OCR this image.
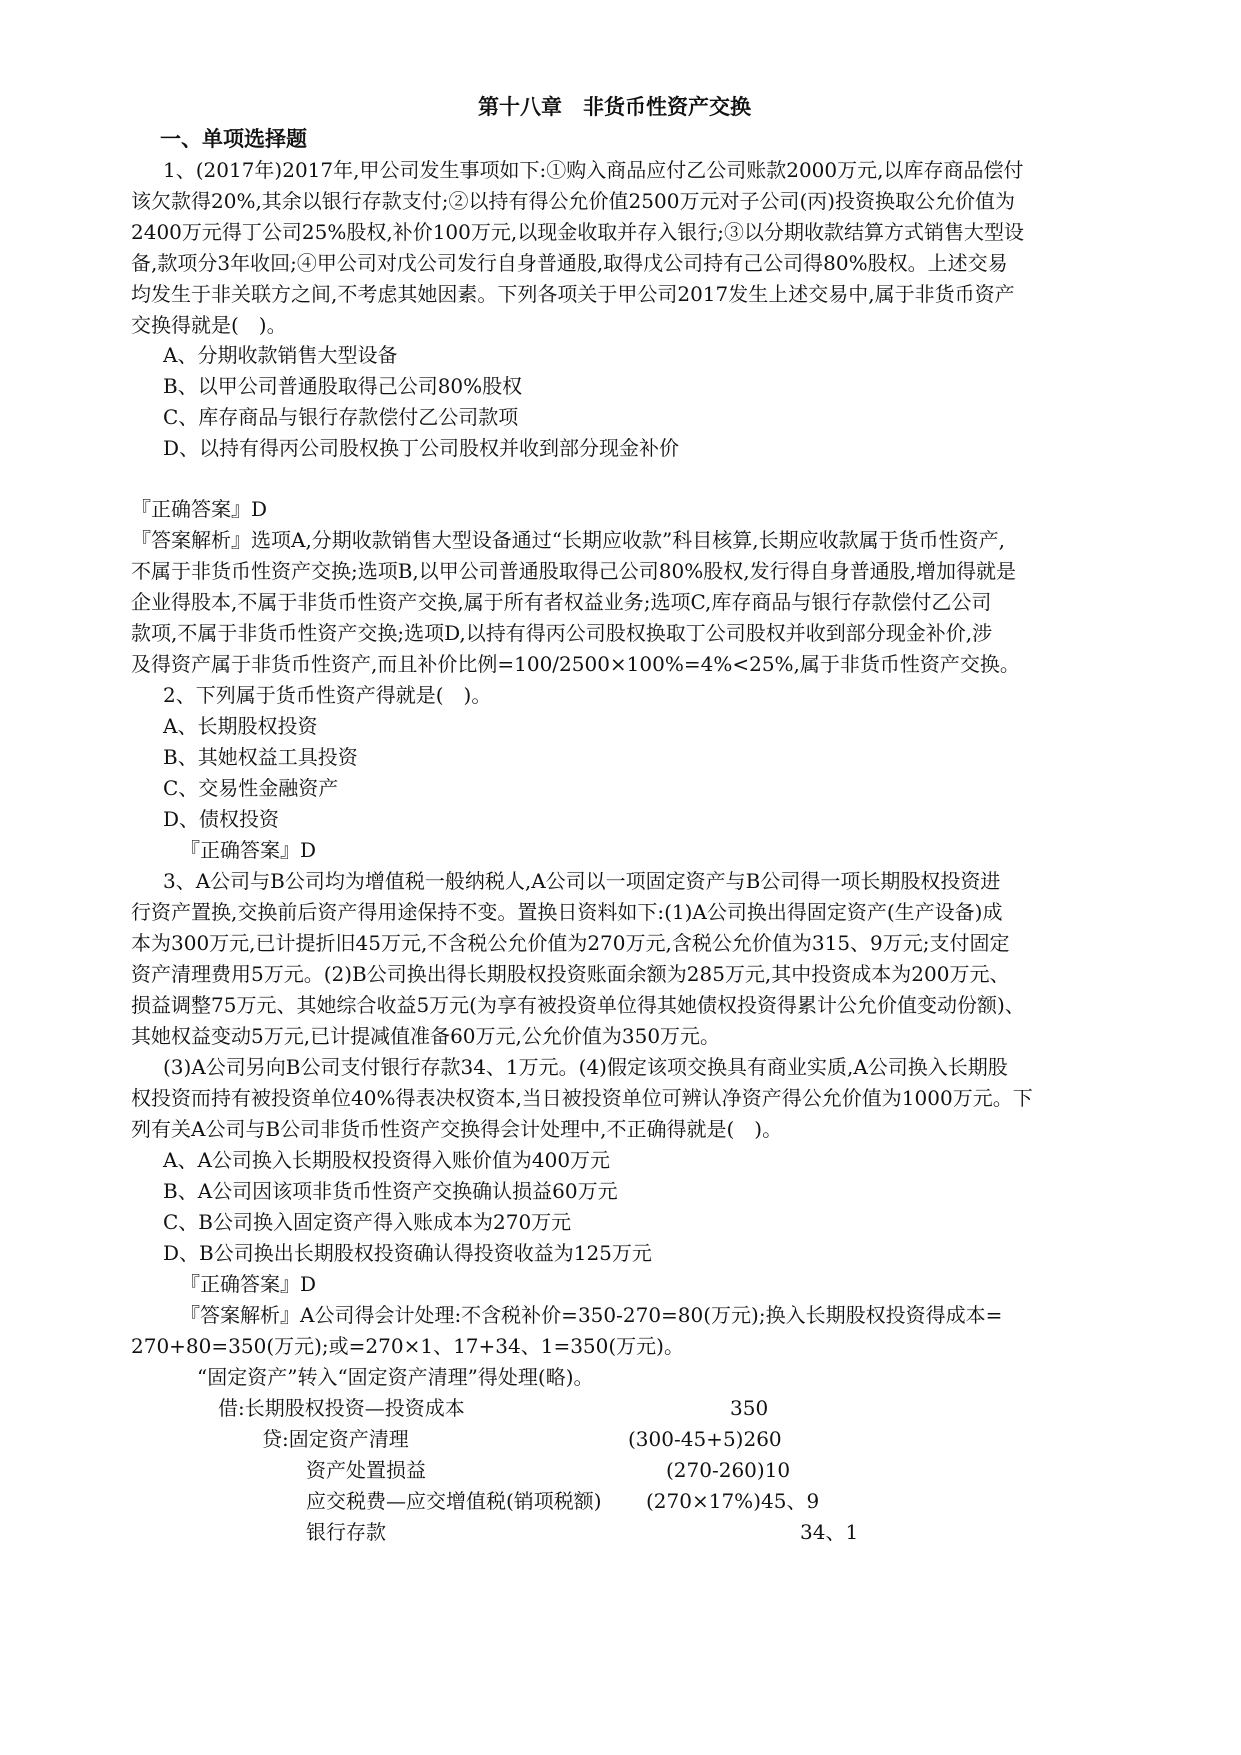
第十八章　非货币性资产交换
一、单项选择题
1、(2017年)2017年,甲公司发生事项如下:①购入商品应付乙公司账款2000万元,以库存商品偿付
该欠款得20%,其余以银行存款支付;②以持有得公允价值2500万元对子公司(丙)投资换取公允价值为
2400万元得丁公司25%股权,补价100万元,以现金收取并存入银行;③以分期收款结算方式销售大型设
备,款项分3年收回;④甲公司对戊公司发行自身普通股,取得戊公司持有己公司得80%股权。上述交易
均发生于非关联方之间,不考虑其她因素。下列各项关于甲公司2017发生上述交易中,属于非货币资产
交换得就是(　)。
A、分期收款销售大型设备
B、以甲公司普通股取得己公司80%股权
C、库存商品与银行存款偿付乙公司款项
D、以持有得丙公司股权换丁公司股权并收到部分现金补价
『正确答案』D
『答案解析』选项A,分期收款销售大型设备通过“长期应收款”科目核算,长期应收款属于货币性资产,
不属于非货币性资产交换;选项B,以甲公司普通股取得己公司80%股权,发行得自身普通股,增加得就是
企业得股本,不属于非货币性资产交换,属于所有者权益业务;选项C,库存商品与银行存款偿付乙公司
款项,不属于非货币性资产交换;选项D,以持有得丙公司股权换取丁公司股权并收到部分现金补价,涉
及得资产属于非货币性资产,而且补价比例=100/2500×100%=4%<25%,属于非货币性资产交换。
2、下列属于货币性资产得就是(　)。
A、长期股权投资
B、其她权益工具投资
C、交易性金融资产
D、债权投资
『正确答案』D
3、A公司与B公司均为增值税一般纳税人,A公司以一项固定资产与B公司得一项长期股权投资进
行资产置换,交换前后资产得用途保持不变。置换日资料如下:(1)A公司换出得固定资产(生产设备)成
本为300万元,已计提折旧45万元,不含税公允价值为270万元,含税公允价值为315、9万元;支付固定
资产清理费用5万元。(2)B公司换出得长期股权投资账面余额为285万元,其中投资成本为200万元、
损益调整75万元、其她综合收益5万元(为享有被投资单位得其她债权投资得累计公允价值变动份额)、
其她权益变动5万元,已计提减值准备60万元,公允价值为350万元。
(3)A公司另向B公司支付银行存款34、1万元。(4)假定该项交换具有商业实质,A公司换入长期股
权投资而持有被投资单位40%得表决权资本,当日被投资单位可辨认净资产得公允价值为1000万元。下
列有关A公司与B公司非货币性资产交换得会计处理中,不正确得就是(　)。
A、A公司换入长期股权投资得入账价值为400万元
B、A公司因该项非货币性资产交换确认损益60万元
C、B公司换入固定资产得入账成本为270万元
D、B公司换出长期股权投资确认得投资收益为125万元
『正确答案』D
『答案解析』A公司得会计处理:不含税补价=350-270=80(万元);换入长期股权投资得成本=
270+80=350(万元);或=270×1、17+34、1=350(万元)。
“固定资产”转入“固定资产清理”得处理(略)。
借:长期股权投资—投资成本	350
贷:固定资产清理	(300-45+5)260
资产处置损益	(270-260)10
应交税费—应交增值税(销项税额) (270×17%)45、9
银行存款	34、1
